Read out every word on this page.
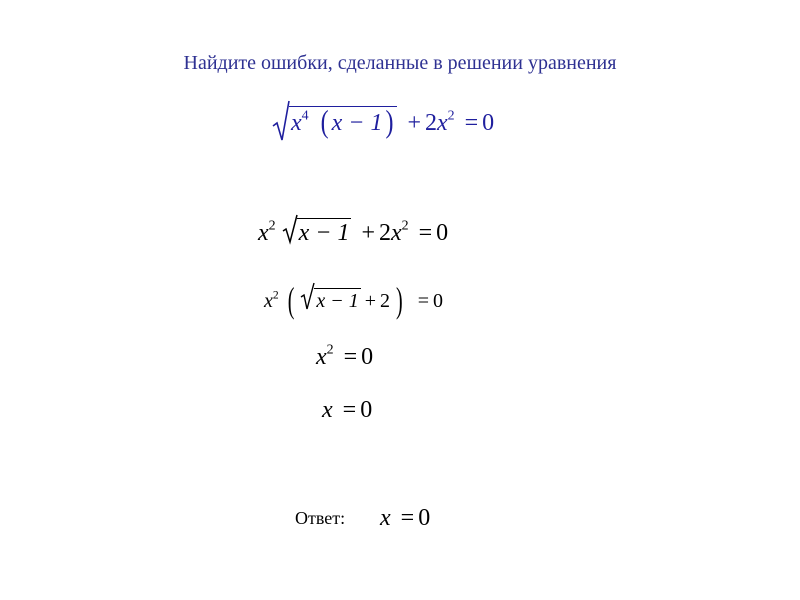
Найдите ошибки, сделанные в решении уравнения
$x^4$ ( x − 1 ) + $2x^2 = 0$
$x^2$ $x - 1 + 2x^2 = 0$
$x^2$ ( x − 1 + 2 ) = 0
$x^2 = 0$
x = 0
Ответ: x = 0
